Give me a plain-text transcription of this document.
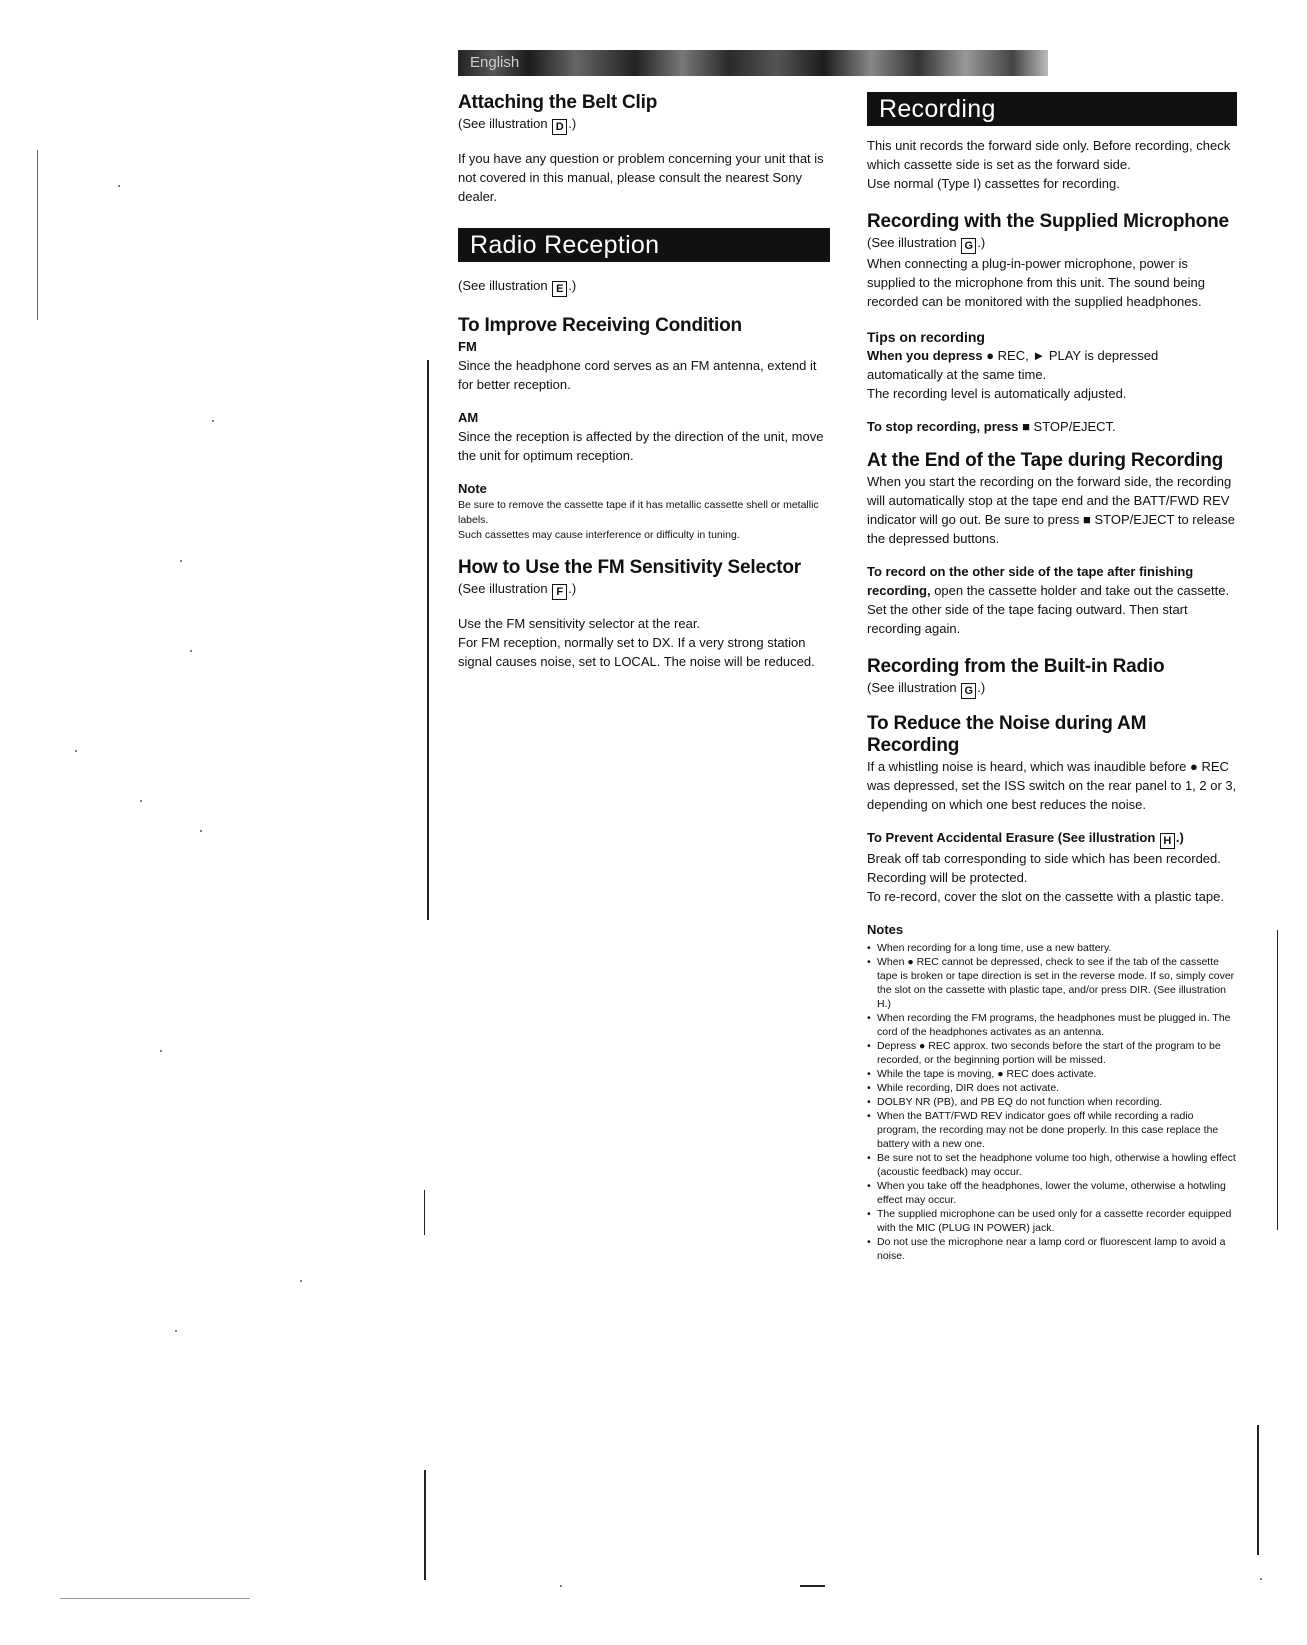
English
Attaching the Belt Clip

(See illustration D .)

If you have any question or problem concerning your unit that is not covered in this manual, please consult the nearest Sony dealer.

Radio Reception

(See illustration E .)

To Improve Receiving Condition

FM

Since the headphone cord serves as an FM antenna, extend it for better reception.

AM

Since the reception is affected by the direction of the unit, move the unit for optimum reception.

Note

Be sure to remove the cassette tape if it has metallic cassette shell or metallic labels.

Such cassettes may cause interference or difficulty in tuning.

How to Use the FM Sensitivity Selector

(See illustration F .)

Use the FM sensitivity selector at the rear.

For FM reception, normally set to DX. If a very strong station signal causes noise, set to LOCAL. The noise will be reduced.

Recording

This unit records the forward side only. Before recording, check which cassette side is set as the forward side.

Use normal (Type I) cassettes for recording.

Recording with the Supplied Microphone

(See illustration G .)

When connecting a plug-in-power microphone, power is supplied to the microphone from this unit. The sound being recorded can be monitored with the supplied headphones.

Tips on recording

When you depress ● REC, ► PLAY is depressed automatically at the same time.

The recording level is automatically adjusted.

To stop recording, press ■ STOP/EJECT.

At the End of the Tape during Recording

When you start the recording on the forward side, the recording will automatically stop at the tape end and the BATT/FWD REV indicator will go out. Be sure to press ■ STOP/EJECT to release the depressed buttons.

To record on the other side of the tape after finishing recording, open the cassette holder and take out the cassette. Set the other side of the tape facing outward. Then start recording again.

Recording from the Built-in Radio

(See illustration G .)

To Reduce the Noise during AM Recording

If a whistling noise is heard, which was inaudible before ● REC was depressed, set the ISS switch on the rear panel to 1, 2 or 3, depending on which one best reduces the noise.

To Prevent Accidental Erasure (See illustration H .)

Break off tab corresponding to side which has been recorded. Recording will be protected.

To re-record, cover the slot on the cassette with a plastic tape.

Notes

• When recording for a long time, use a new battery.
• When ● REC cannot be depressed, check to see if the tab of the cassette tape is broken or tape direction is set in the reverse mode. If so, simply cover the slot on the cassette with plastic tape, and/or press DIR. (See illustration H.)
• When recording the FM programs, the headphones must be plugged in. The cord of the headphones activates as an antenna.
• Depress ● REC approx. two seconds before the start of the program to be recorded, or the beginning portion will be missed.
• While the tape is moving, ● REC does activate.
• While recording, DIR does not activate.
• DOLBY NR (PB), and PB EQ do not function when recording.
• When the BATT/FWD REV indicator goes off while recording a radio program, the recording may not be done properly. In this case replace the battery with a new one.
• Be sure not to set the headphone volume too high, otherwise a howling effect (acoustic feedback) may occur.
• When you take off the headphones, lower the volume, otherwise a hotwling effect may occur.
• The supplied microphone can be used only for a cassette recorder equipped with the MIC (PLUG IN POWER) jack.
• Do not use the microphone near a lamp cord or fluorescent lamp to avoid a noise.
